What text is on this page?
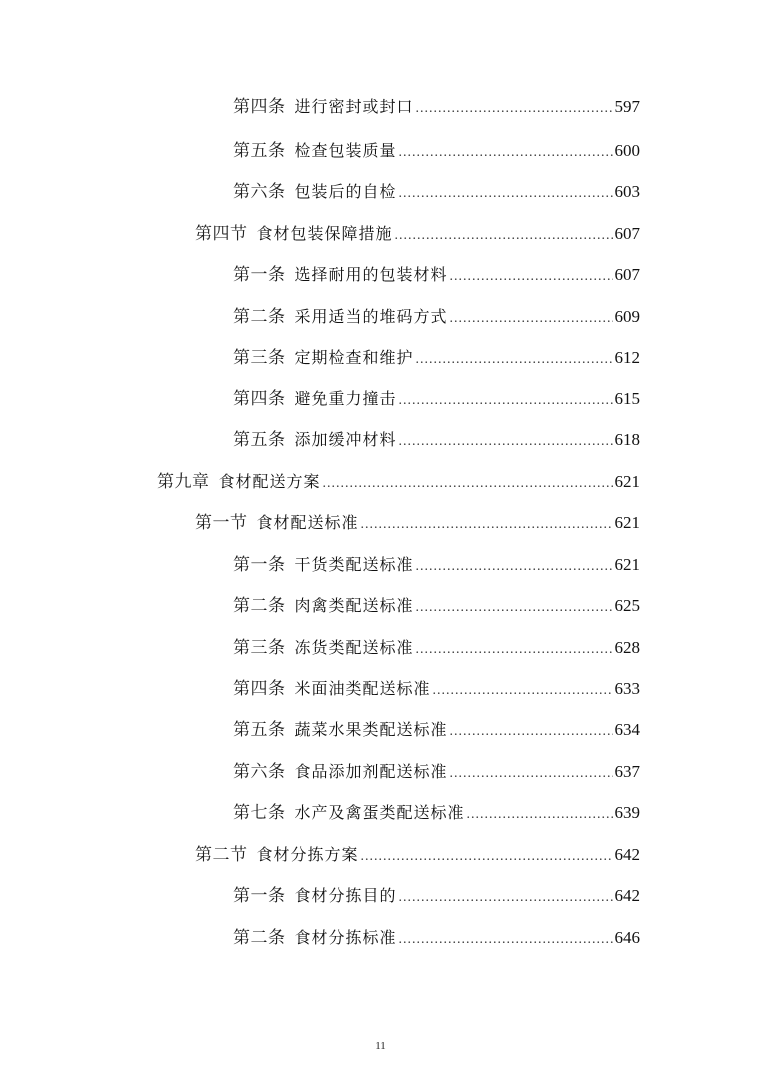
第四条 进行密封或封口 .....	597
第五条 检查包装质量 .....	600
第六条 包装后的自检 .....	603
第四节 食材包装保障措施 .....	607
第一条 选择耐用的包装材料 .....	607
第二条 采用适当的堆码方式 .....	609
第三条 定期检查和维护 .....	612
第四条 避免重力撞击 .....	615
第五条 添加缓冲材料 .....	618
第九章 食材配送方案 .....	621
第一节 食材配送标准 .....	621
第一条 干货类配送标准 .....	621
第二条 肉禽类配送标准 .....	625
第三条 冻货类配送标准 .....	628
第四条 米面油类配送标准 .....	633
第五条 蔬菜水果类配送标准 .....	634
第六条 食品添加剂配送标准 .....	637
第七条 水产及禽蛋类配送标准 .....	639
第二节 食材分拣方案 .....	642
第一条 食材分拣目的 .....	642
第二条 食材分拣标准 .....	646
11
